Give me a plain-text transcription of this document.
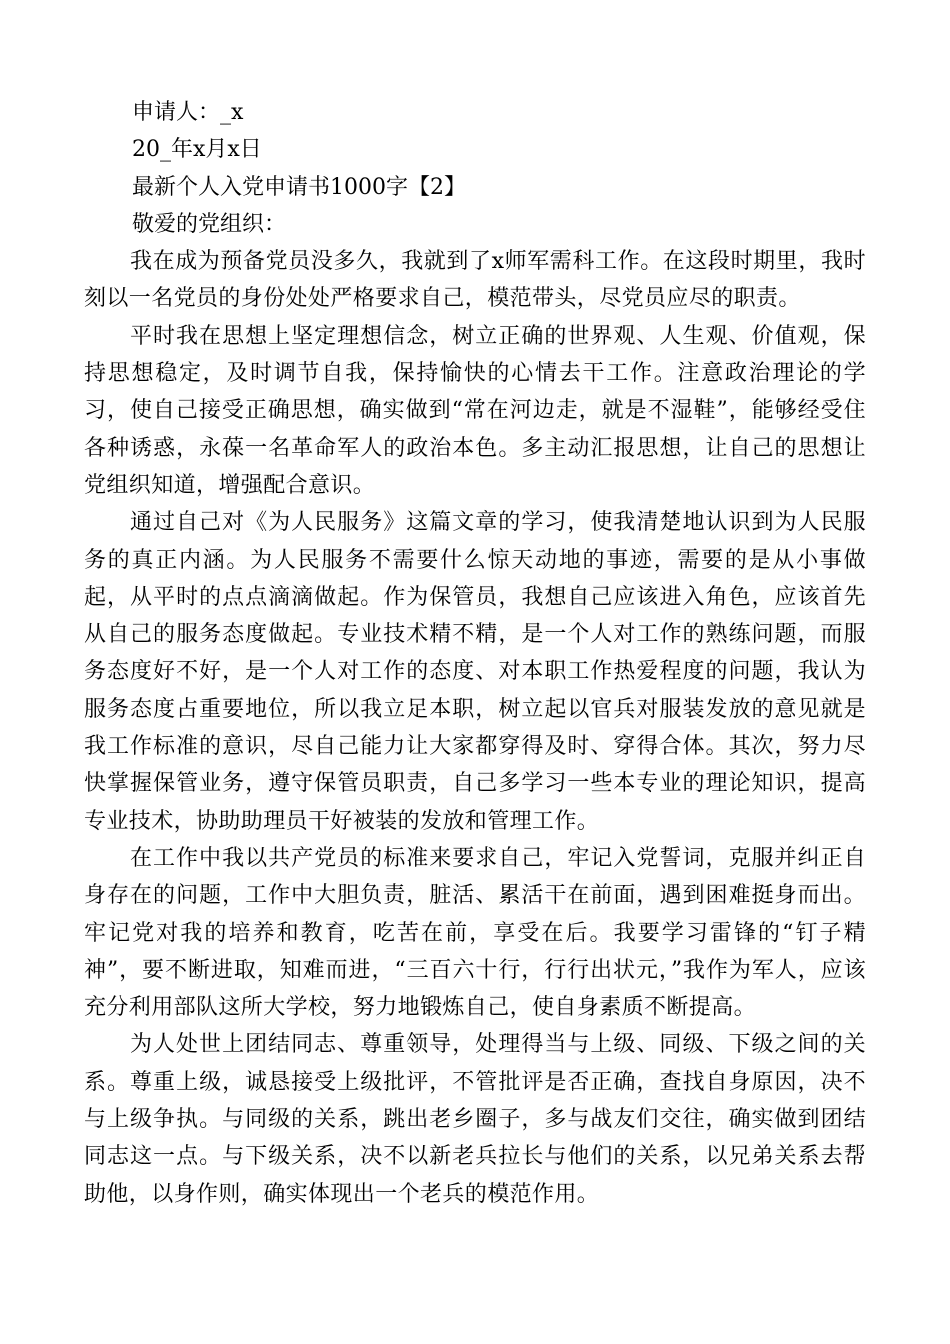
申请人：_x

20_年x月x日

最新个人入党申请书1000字【2】

敬爱的党组织：

我在成为预备党员没多久，我就到了x师军需科工作。在这段时期里，我时刻以一名党员的身份处处严格要求自己，模范带头，尽党员应尽的职责。

平时我在思想上坚定理想信念，树立正确的世界观、人生观、价值观，保持思想稳定，及时调节自我，保持愉快的心情去干工作。注意政治理论的学习，使自己接受正确思想，确实做到“常在河边走，就是不湿鞋”，能够经受住各种诱惑，永葆一名革命军人的政治本色。多主动汇报思想，让自己的思想让党组织知道，增强配合意识。

通过自己对《为人民服务》这篇文章的学习，使我清楚地认识到为人民服务的真正内涵。为人民服务不需要什么惊天动地的事迹，需要的是从小事做起，从平时的点点滴滴做起。作为保管员，我想自己应该进入角色，应该首先从自己的服务态度做起。专业技术精不精，是一个人对工作的熟练问题，而服务态度好不好，是一个人对工作的态度、对本职工作热爱程度的问题，我认为服务态度占重要地位，所以我立足本职，树立起以官兵对服装发放的意见就是我工作标准的意识，尽自己能力让大家都穿得及时、穿得合体。其次，努力尽快掌握保管业务，遵守保管员职责，自己多学习一些本专业的理论知识，提高专业技术，协助助理员干好被装的发放和管理工作。

在工作中我以共产党员的标准来要求自己，牢记入党誓词，克服并纠正自身存在的问题，工作中大胆负责，脏活、累活干在前面，遇到困难挺身而出。牢记党对我的培养和教育，吃苦在前，享受在后。我要学习雷锋的“钉子精神”，要不断进取，知难而进，“三百六十行，行行出状元，”我作为军人，应该充分利用部队这所大学校，努力地锻炼自己，使自身素质不断提高。

为人处世上团结同志、尊重领导，处理得当与上级、同级、下级之间的关系。尊重上级，诚恳接受上级批评，不管批评是否正确，查找自身原因，决不与上级争执。与同级的关系，跳出老乡圈子，多与战友们交往，确实做到团结同志这一点。与下级关系，决不以新老兵拉长与他们的关系，以兄弟关系去帮助他，以身作则，确实体现出一个老兵的模范作用。
